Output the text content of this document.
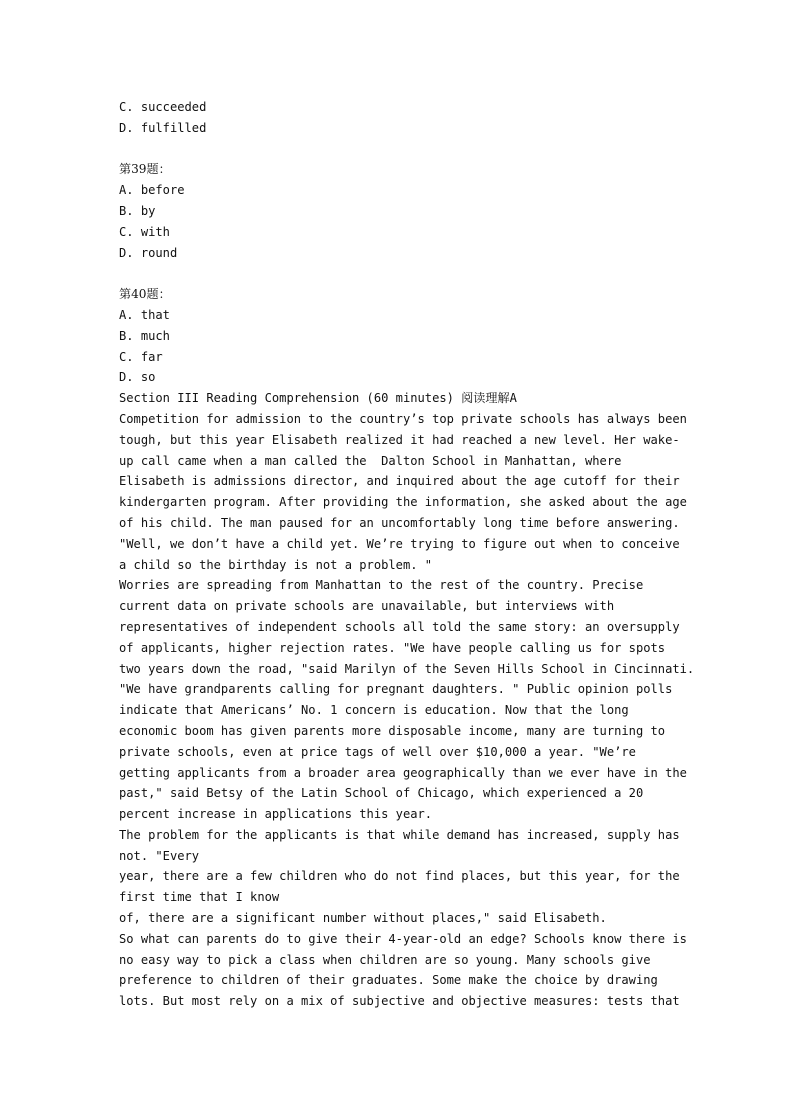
C. succeeded
D. fulfilled
第39题：
A. before
B. by
C. with
D. round
第40题：
A. that
B. much
C. far
D. so
Section III Reading Comprehension (60 minutes) 阅读理解A
Competition for admission to the country’s top private schools has always been
tough, but this year Elisabeth realized it had reached a new level. Her wake-
up call came when a man called the  Dalton School in Manhattan, where
Elisabeth is admissions director, and inquired about the age cutoff for their
kindergarten program. After providing the information, she asked about the age
of his child. The man paused for an uncomfortably long time before answering.
"Well, we don’t have a child yet. We’re trying to figure out when to conceive
a child so the birthday is not a problem. "
Worries are spreading from Manhattan to the rest of the country. Precise
current data on private schools are unavailable, but interviews with
representatives of independent schools all told the same story: an oversupply
of applicants, higher rejection rates. "We have people calling us for spots
two years down the road, "said Marilyn of the Seven Hills School in Cincinnati.
"We have grandparents calling for pregnant daughters. " Public opinion polls
indicate that Americans’ No. 1 concern is education. Now that the long
economic boom has given parents more disposable income, many are turning to
private schools, even at price tags of well over $10,000 a year. "We’re
getting applicants from a broader area geographically than we ever have in the
past," said Betsy of the Latin School of Chicago, which experienced a 20
percent increase in applications this year.
The problem for the applicants is that while demand has increased, supply has
not. "Every
year, there are a few children who do not find places, but this year, for the
first time that I know
of, there are a significant number without places," said Elisabeth.
So what can parents do to give their 4-year-old an edge? Schools know there is
no easy way to pick a class when children are so young. Many schools give
preference to children of their graduates. Some make the choice by drawing
lots. But most rely on a mix of subjective and objective measures: tests that
